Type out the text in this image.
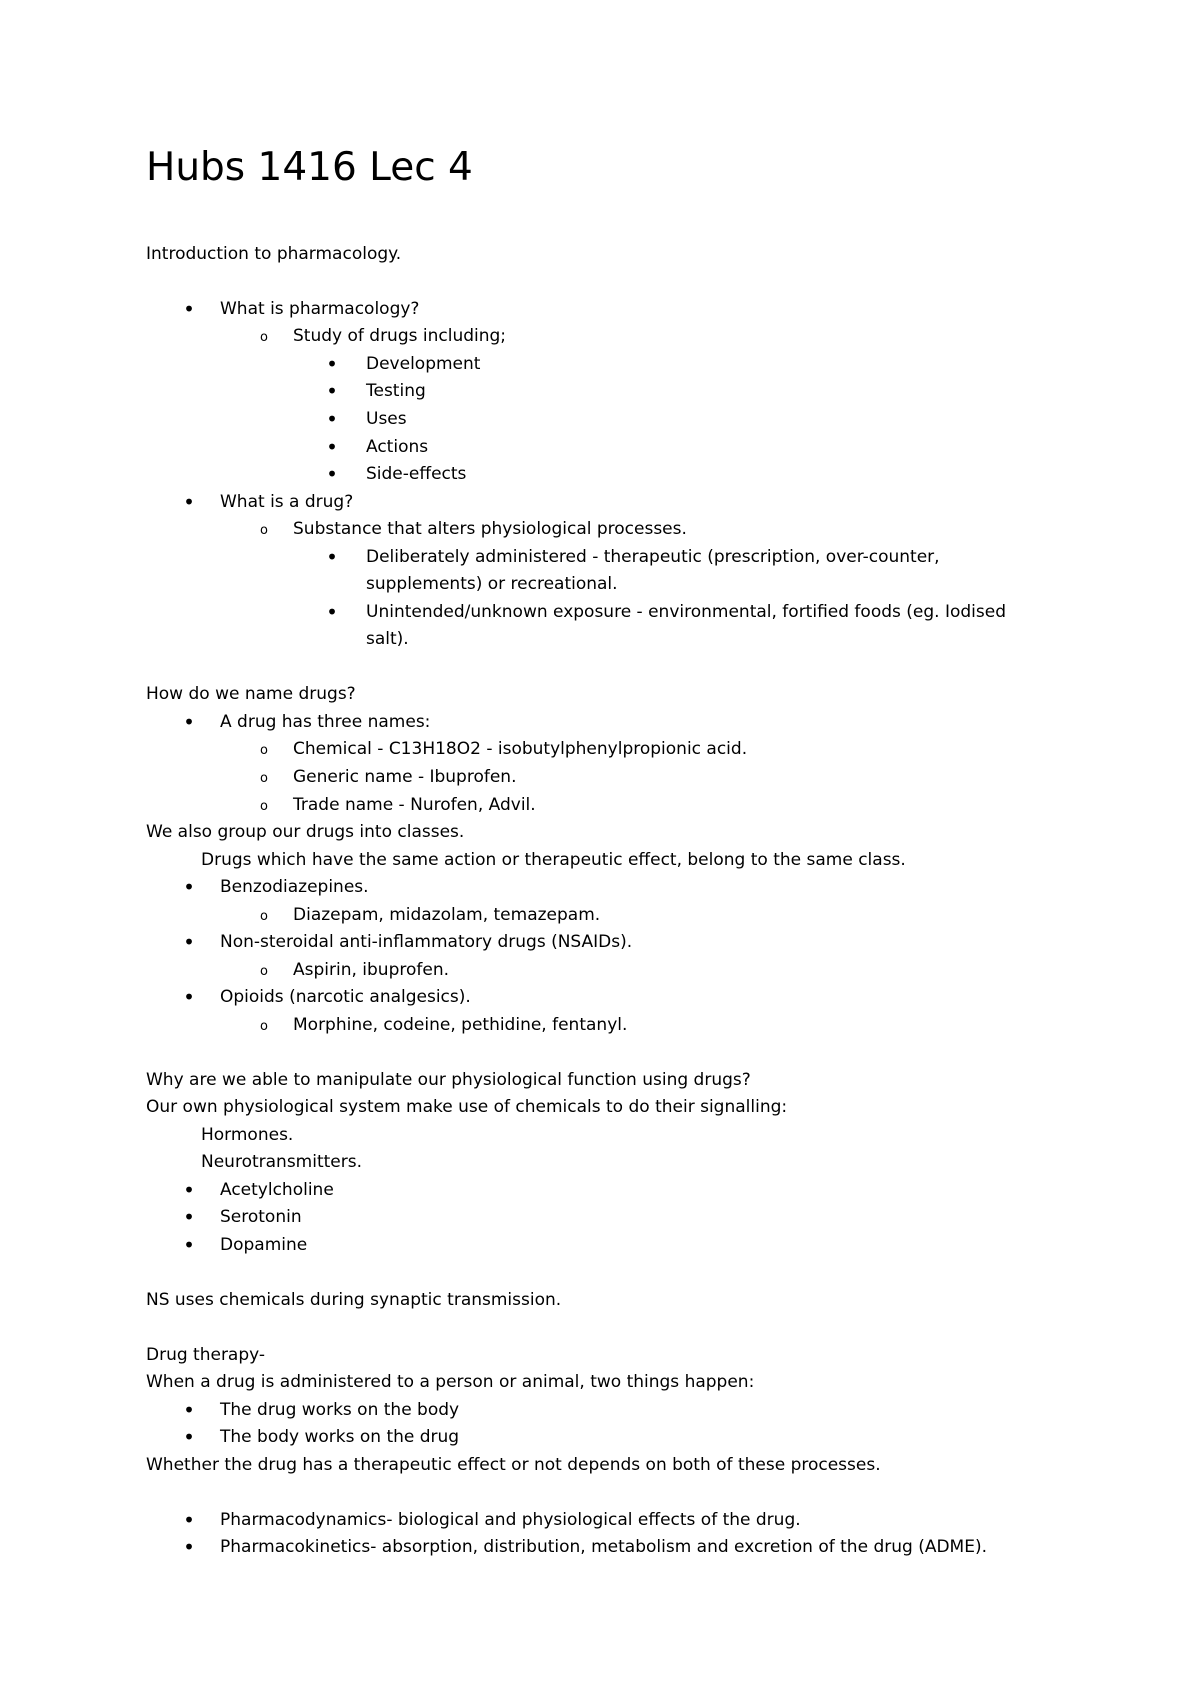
Hubs 1416 Lec 4
Introduction to pharmacology.
•
What is pharmacology?
o
Study of drugs including;
•
Development
•
Testing
•
Uses
•
Actions
•
Side-effects
•
What is a drug?
o
Substance that alters physiological processes.
•
Deliberately administered - therapeutic (prescription, over-counter,
supplements) or recreational.
•
Unintended/unknown exposure - environmental, fortified foods (eg. Iodised
salt).
How do we name drugs?
•
A drug has three names:
o
Chemical - C13H18O2 - isobutylphenylpropionic acid.
o
Generic name - Ibuprofen.
o
Trade name - Nurofen, Advil.
We also group our drugs into classes.
Drugs which have the same action or therapeutic effect, belong to the same class.
•
Benzodiazepines.
o
Diazepam, midazolam, temazepam.
•
Non-steroidal anti-inflammatory drugs (NSAIDs).
o
Aspirin, ibuprofen.
•
Opioids (narcotic analgesics).
o
Morphine, codeine, pethidine, fentanyl.
Why are we able to manipulate our physiological function using drugs?
Our own physiological system make use of chemicals to do their signalling:
Hormones.
Neurotransmitters.
•
Acetylcholine
•
Serotonin
•
Dopamine
NS uses chemicals during synaptic transmission.
Drug therapy-
When a drug is administered to a person or animal, two things happen:
•
The drug works on the body
•
The body works on the drug
Whether the drug has a therapeutic effect or not depends on both of these processes.
•
Pharmacodynamics- biological and physiological effects of the drug.
•
Pharmacokinetics- absorption, distribution, metabolism and excretion of the drug (ADME).
